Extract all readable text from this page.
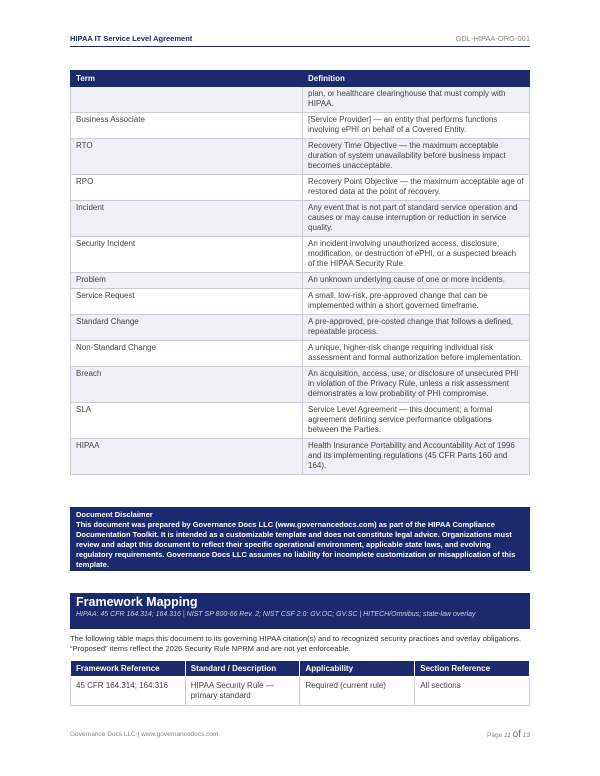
HIPAA IT Service Level Agreement	GDL-HIPAA-ORG-001
Term	Definition
	plan, or healthcare clearinghouse that must comply with HIPAA.
Business Associate	[Service Provider] — an entity that performs functions involving ePHI on behalf of a Covered Entity.
RTO	Recovery Time Objective — the maximum acceptable duration of system unavailability before business impact becomes unacceptable.
RPO	Recovery Point Objective — the maximum acceptable age of restored data at the point of recovery.
Incident	Any event that is not part of standard service operation and causes or may cause interruption or reduction in service quality.
Security Incident	An incident involving unauthorized access, disclosure, modification, or destruction of ePHI, or a suspected breach of the HIPAA Security Rule.
Problem	An unknown underlying cause of one or more incidents.
Service Request	A small, low-risk, pre-approved change that can be implemented within a short governed timeframe.
Standard Change	A pre-approved, pre-costed change that follows a defined, repeatable process.
Non-Standard Change	A unique, higher-risk change requiring individual risk assessment and formal authorization before implementation.
Breach	An acquisition, access, use, or disclosure of unsecured PHI in violation of the Privacy Rule, unless a risk assessment demonstrates a low probability of PHI compromise.
SLA	Service Level Agreement — this document; a formal agreement defining service performance obligations between the Parties.
HIPAA	Health Insurance Portability and Accountability Act of 1996 and its implementing regulations (45 CFR Parts 160 and 164).
Document Disclaimer
This document was prepared by Governance Docs LLC (www.governancedocs.com) as part of the HIPAA Compliance Documentation Toolkit. It is intended as a customizable template and does not constitute legal advice. Organizations must review and adapt this document to reflect their specific operational environment, applicable state laws, and evolving regulatory requirements. Governance Docs LLC assumes no liability for incomplete customization or misapplication of this template.
Framework Mapping
HIPAA: 45 CFR 164.314; 164.316 | NIST SP 800-66 Rev. 2; NIST CSF 2.0: GV.OC; GV.SC | HITECH/Omnibus; state-law overlay
The following table maps this document to its governing HIPAA citation(s) and to recognized security practices and overlay obligations. “Proposed” items reflect the 2026 Security Rule NPRM and are not yet enforceable.
Framework Reference	Standard / Description	Applicability	Section Reference
45 CFR 164.314; 164.316	HIPAA Security Rule — primary standard	Required (current rule)	All sections
Governance Docs LLC | www.governancedocs.com	Page 11 of 13
